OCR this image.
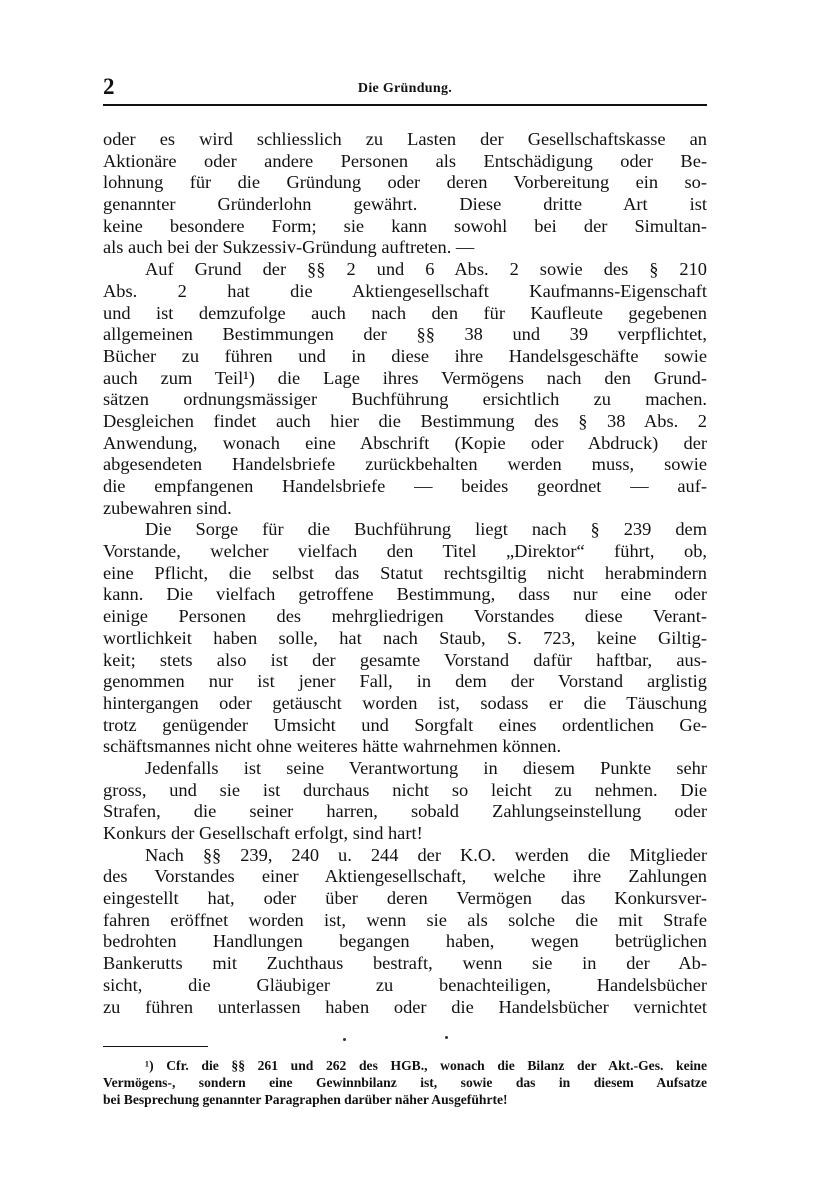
2	Die Gründung.
oder es wird schliesslich zu Lasten der Gesellschaftskasse an
Aktionäre oder andere Personen als Entschädigung oder Be-
lohnung für die Gründung oder deren Vorbereitung ein so-
genannter Gründerlohn gewährt. Diese dritte Art ist
keine besondere Form; sie kann sowohl bei der Simultan-
als auch bei der Sukzessiv-Gründung auftreten. —
Auf Grund der §§ 2 und 6 Abs. 2 sowie des § 210
Abs. 2 hat die Aktiengesellschaft Kaufmanns-Eigenschaft
und ist demzufolge auch nach den für Kaufleute gegebenen
allgemeinen Bestimmungen der §§ 38 und 39 verpflichtet,
Bücher zu führen und in diese ihre Handelsgeschäfte sowie
auch zum Teil¹) die Lage ihres Vermögens nach den Grund-
sätzen ordnungsmässiger Buchführung ersichtlich zu machen.
Desgleichen findet auch hier die Bestimmung des § 38 Abs. 2
Anwendung, wonach eine Abschrift (Kopie oder Abdruck) der
abgesendeten Handelsbriefe zurückbehalten werden muss, sowie
die empfangenen Handelsbriefe — beides geordnet — auf-
zubewahren sind.
Die Sorge für die Buchführung liegt nach § 239 dem
Vorstande, welcher vielfach den Titel „Direktor“ führt, ob,
eine Pflicht, die selbst das Statut rechtsgiltig nicht herabmindern
kann. Die vielfach getroffene Bestimmung, dass nur eine oder
einige Personen des mehrgliedrigen Vorstandes diese Verant-
wortlichkeit haben solle, hat nach Staub, S. 723, keine Giltig-
keit; stets also ist der gesamte Vorstand dafür haftbar, aus-
genommen nur ist jener Fall, in dem der Vorstand arglistig
hintergangen oder getäuscht worden ist, sodass er die Täuschung
trotz genügender Umsicht und Sorgfalt eines ordentlichen Ge-
schäftsmannes nicht ohne weiteres hätte wahrnehmen können.
Jedenfalls ist seine Verantwortung in diesem Punkte sehr
gross, und sie ist durchaus nicht so leicht zu nehmen. Die
Strafen, die seiner harren, sobald Zahlungseinstellung oder
Konkurs der Gesellschaft erfolgt, sind hart!
Nach §§ 239, 240 u. 244 der K.O. werden die Mitglieder
des Vorstandes einer Aktiengesellschaft, welche ihre Zahlungen
eingestellt hat, oder über deren Vermögen das Konkursver-
fahren eröffnet worden ist, wenn sie als solche die mit Strafe
bedrohten Handlungen begangen haben, wegen betrüglichen
Bankerutts mit Zuchthaus bestraft, wenn sie in der Ab-
sicht, die Gläubiger zu benachteiligen, Handelsbücher
zu führen unterlassen haben oder die Handelsbücher vernichtet
¹) Cfr. die §§ 261 und 262 des HGB., wonach die Bilanz der Akt.-Ges. keine
Vermögens-, sondern eine Gewinnbilanz ist, sowie das in diesem Aufsatze
bei Besprechung genannter Paragraphen darüber näher Ausgeführte!
